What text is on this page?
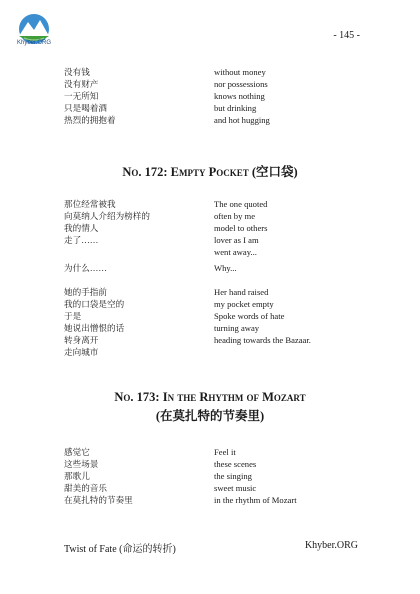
Khyber.ORG
- 145 -
没有钱
没有财产
一无所知
只是喝着酒
热烈的拥抱着
without money
nor possessions
knows nothing
but drinking
and hot hugging
No. 172: Empty Pocket (空口袋)
那位经常被我
向莫纳人介绍为榜样的
我的情人
走了……
The one quoted
often by me
model to others
lover as I am
went away...
为什么……	Why...
她的手指前
我的口袋是空的
于是
她说出憎恨的话
转身离开
走向城市
Her hand raised
my pocket empty
Spoke words of hate
turning away
heading towards the Bazaar.
No. 173: In the Rhythm of Mozart
(在莫扎特的节奏里)
感觉它
这些场景
那歌儿
甜美的音乐
在莫扎特的节奏里
Feel it
these scenes
the singing
sweet music
in the rhythm of Mozart
Twist of Fate (命运的转折)	Khyber.ORG
